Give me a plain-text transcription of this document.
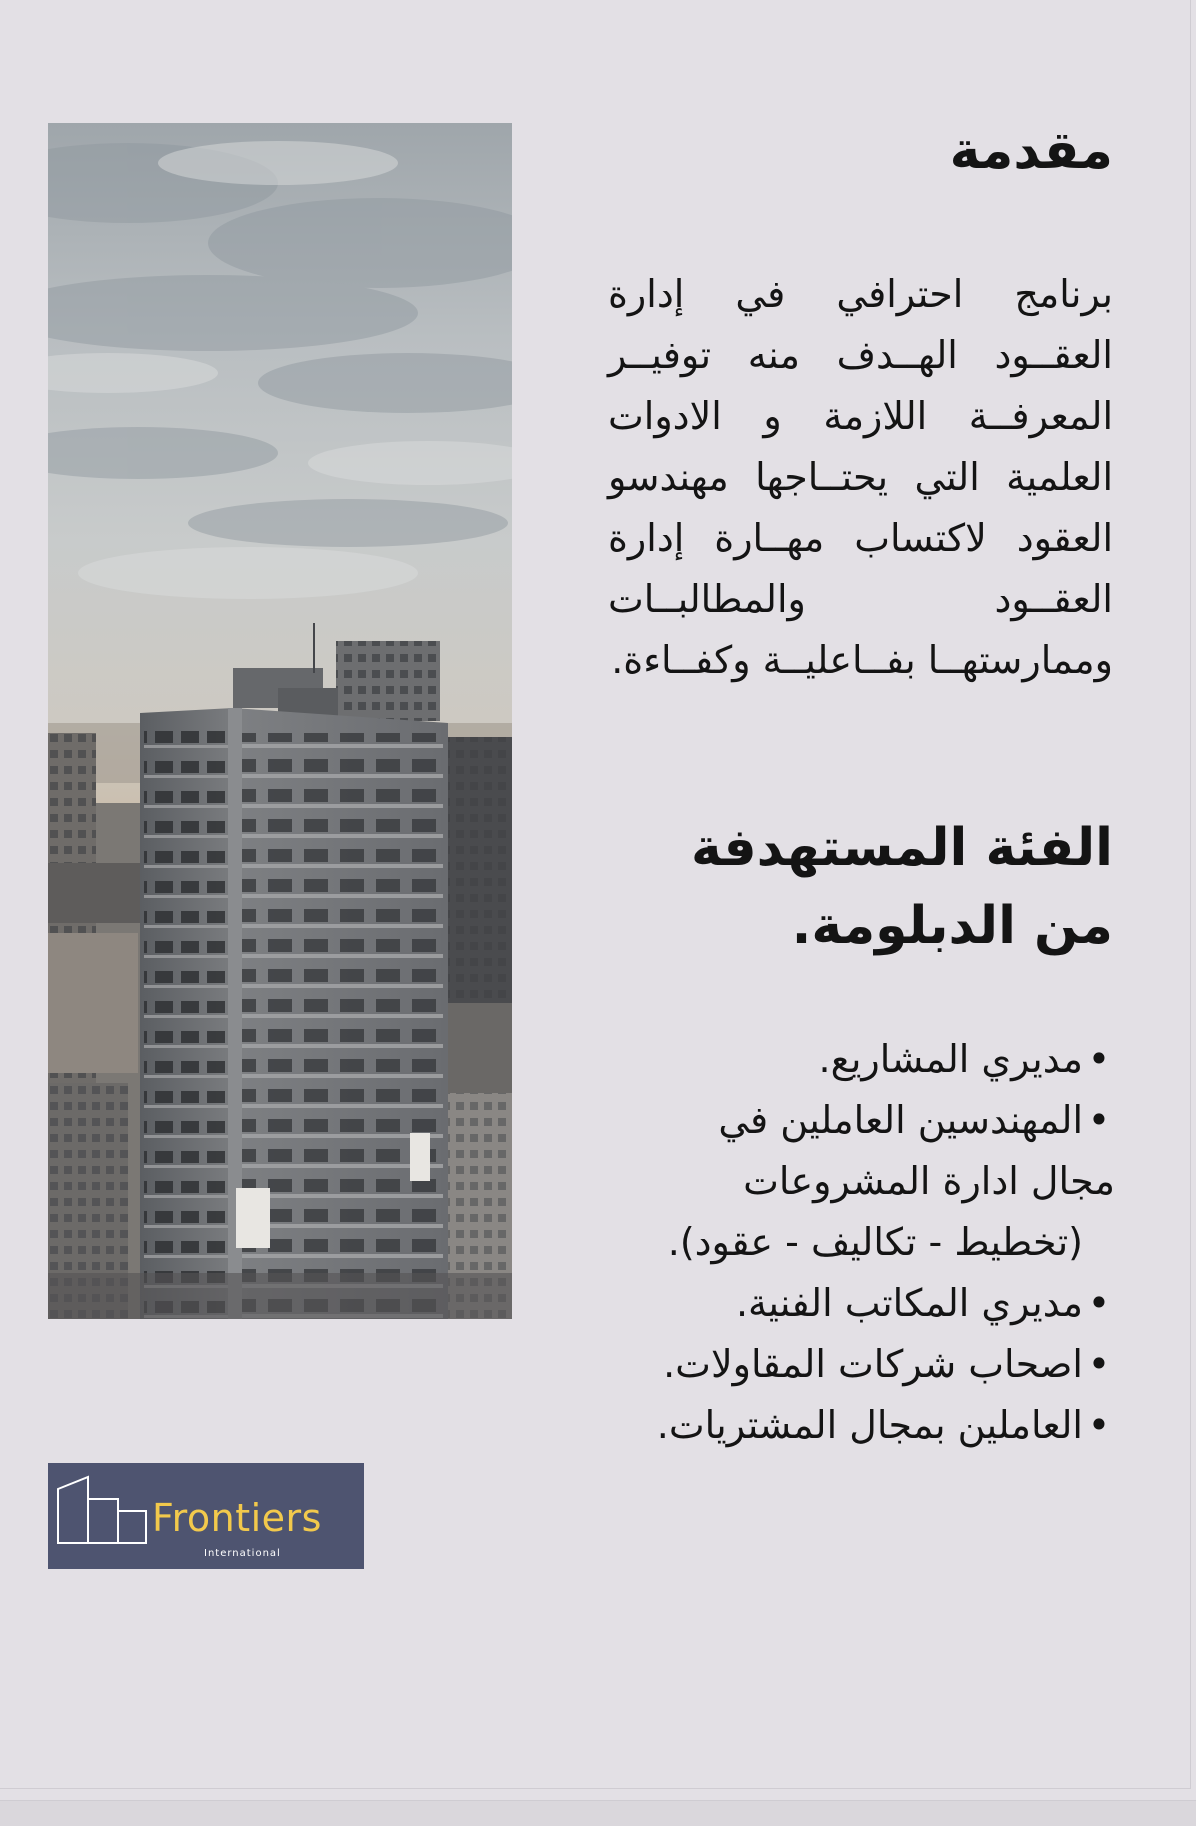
Frontiers
International
مقدمة

برنامج احترافي في إدارة العقــود الهــدف منه توفيــر المعرفــة اللازمة و الادوات العلمية التي يحتــاجها مهندسو العقود لاكتساب مهــارة إدارة العقــود والمطالبــات وممارستهــا بفــاعليــة وكفــاءة.

الفئة المستهدفة
من الدبلومة.
•مديري المشاريع.
•المهندسين العاملين في
مجال ادارة المشروعات
(تخطيط - تكاليف - عقود).
•مديري المكاتب الفنية.
•اصحاب شركات المقاولات.
•العاملين بمجال المشتريات.
